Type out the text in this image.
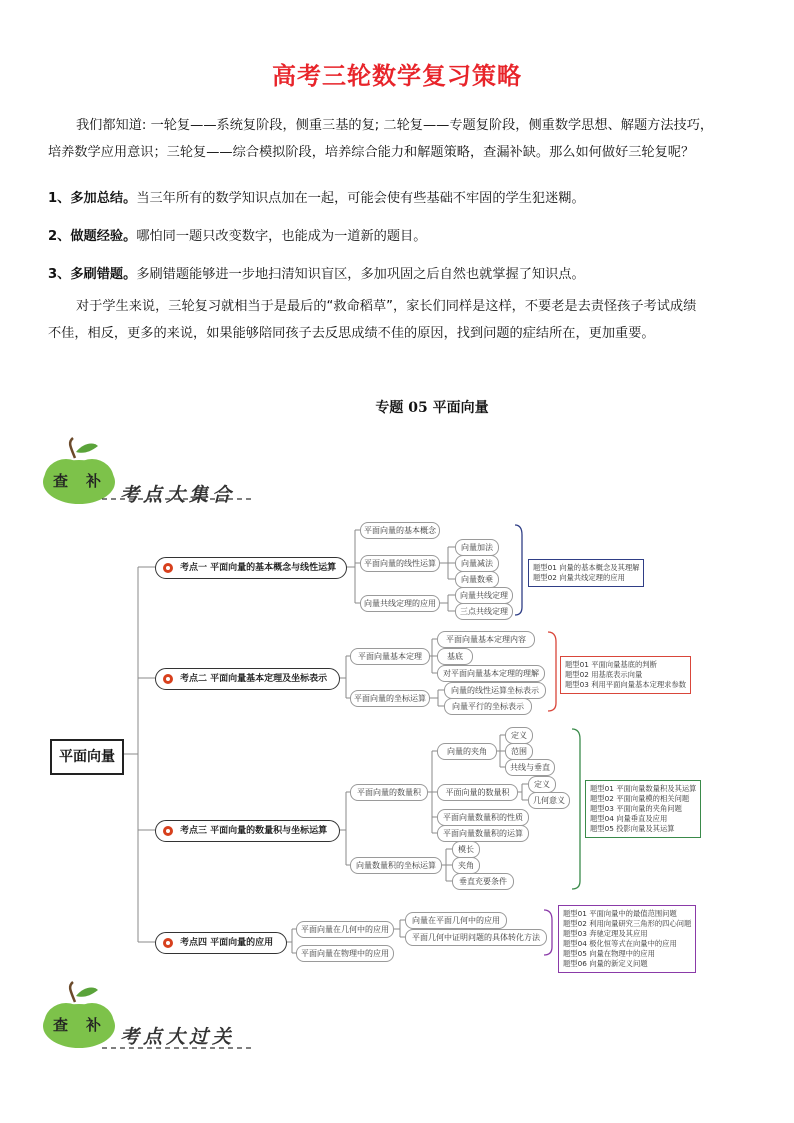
高考三轮数学复习策略
我们都知道: 一轮复——系统复阶段，侧重三基的复; 二轮复——专题复阶段，侧重数学思想、解题方法技巧，
培养数学应用意识；三轮复——综合模拟阶段，培养综合能力和解题策略，查漏补缺。那么如何做好三轮复呢？
1、多加总结。当三年所有的数学知识点加在一起，可能会使有些基础不牢固的学生犯迷糊。
2、做题经验。哪怕同一题只改变数字，也能成为一道新的题目。
3、多刷错题。多刷错题能够进一步地扫清知识盲区，多加巩固之后自然也就掌握了知识点。
对于学生来说，三轮复习就相当于是最后的“救命稻草”，家长们同样是这样，不要老是去责怪孩子考试成绩
不佳，相反，更多的来说，如果能够陪同孩子去反思成绩不佳的原因，找到问题的症结所在，更加重要。
专题 05 平面向量
查 补
考点大集合
平面向量
考点一 平面向量的基本概念与线性运算
平面向量的基本概念
平面向量的线性运算
向量共线定理的应用
向量加法
向量减法
向量数乘
向量共线定理
三点共线定理
题型01 向量的基本概念及其理解
题型02 向量共线定理的应用
考点二 平面向量基本定理及坐标表示
平面向量基本定理
平面向量的坐标运算
平面向量基本定理内容
基底
对平面向量基本定理的理解
向量的线性运算坐标表示
向量平行的坐标表示
题型01 平面向量基底的判断
题型02 用基底表示向量
题型03 利用平面向量基本定理求参数
考点三 平面向量的数量积与坐标运算
平面向量的数量积
向量数量积的坐标运算
向量的夹角
平面向量的数量积
平面向量数量积的性质
平面向量数量积的运算
定义
范围
共线与垂直
定义
几何意义
模长
夹角
垂直充要条件
题型01 平面向量数量积及其运算
题型02 平面向量模的相关问题
题型03 平面向量的夹角问题
题型04 向量垂直及应用
题型05 投影向量及其运算
考点四 平面向量的应用
平面向量在几何中的应用
平面向量在物理中的应用
向量在平面几何中的应用
平面几何中证明问题的具体转化方法
题型01 平面向量中的最值范围问题
题型02 利用向量研究三角形的四心问题
题型03 奔驰定理及其应用
题型04 极化恒等式在向量中的应用
题型05 向量在物理中的应用
题型06 向量的新定义问题
查 补
考点大过关
